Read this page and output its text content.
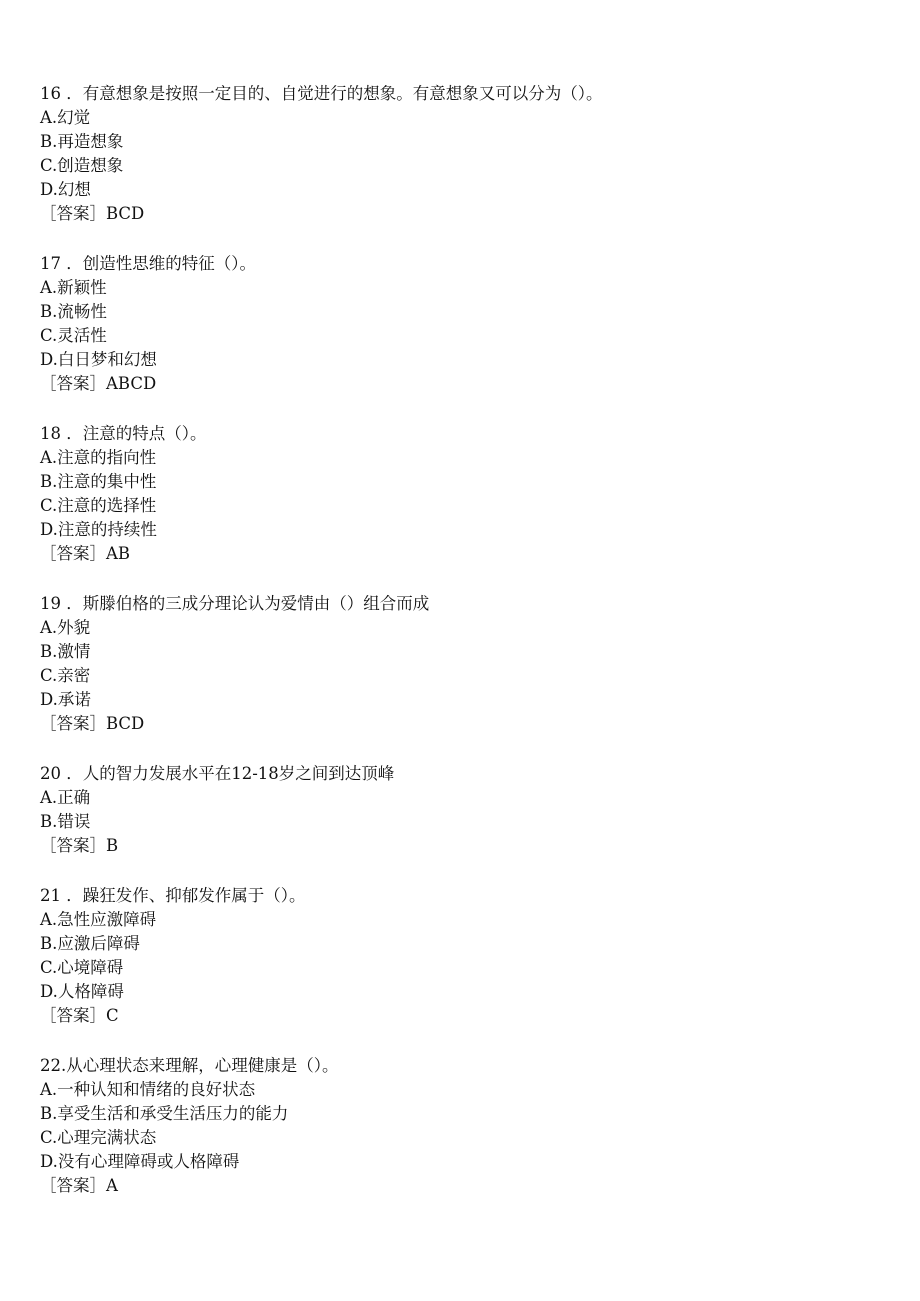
16 ．有意想象是按照一定目的、自觉进行的想象。有意想象又可以分为（）。

A.幻觉

B.再造想象

C.创造想象

D.幻想

［答案］BCD

17 ．创造性思维的特征（）。

A.新颖性

B.流畅性

C.灵活性

D.白日梦和幻想

［答案］ABCD

18 ．注意的特点（）。

A.注意的指向性

B.注意的集中性

C.注意的选择性

D.注意的持续性

［答案］AB

19 ．斯滕伯格的三成分理论认为爱情由（）组合而成

A.外貌

B.激情

C.亲密

D.承诺

［答案］BCD

20 ．人的智力发展水平在12-18岁之间到达顶峰

A.正确

B.错误

［答案］B

21 ．躁狂发作、抑郁发作属于（）。

A.急性应激障碍

B.应激后障碍

C.心境障碍

D.人格障碍

［答案］C

22.从心理状态来理解，心理健康是（）。

A.一种认知和情绪的良好状态

B.享受生活和承受生活压力的能力

C.心理完满状态

D.没有心理障碍或人格障碍

［答案］A
